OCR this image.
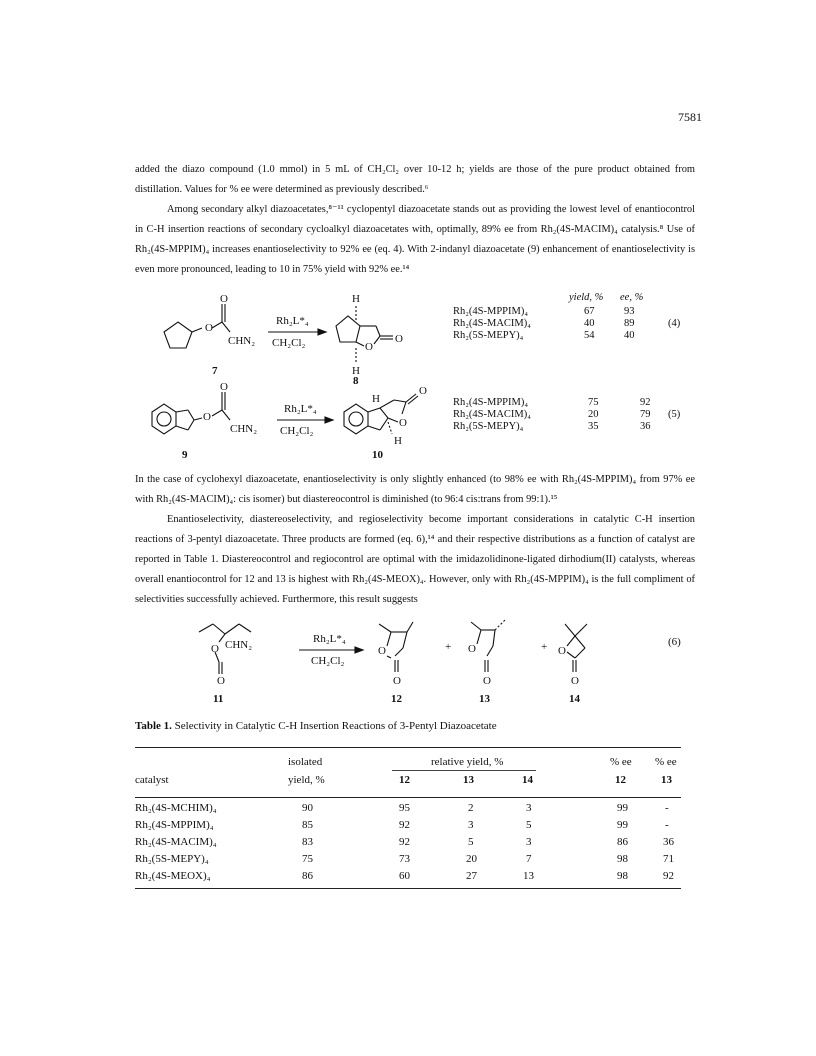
7581

added the diazo compound (1.0 mmol) in 5 mL of CH₂Cl₂ over 10-12 h; yields are those of the pure product obtained from distillation. Values for % ee were determined as previously described.⁶

Among secondary alkyl diazoacetates,⁸⁻¹¹ cyclopentyl diazoacetate stands out as providing the lowest level of enantiocontrol in C-H insertion reactions of secondary cycloalkyl diazoacetates with, optimally, 89% ee from Rh₂(4S-MACIM)₄ catalysis.⁸ Use of Rh₂(4S-MPPIM)₄ increases enantioselectivity to 92% ee (eq. 4). With 2-indanyl diazoacetate (9) enhancement of enantioselectivity is even more pronounced, leading to 10 in 75% yield with 92% ee.¹⁴

O
O
CHN₂
Rh₂L*₄
CH₂Cl₂
H
O
O
H
7
8
yield, % ee, %
Rh₂(4S-MPPIM)₄	67	93
Rh₂(4S-MACIM)₄	40	89
Rh₂(5S-MEPY)₄	54	40
(4)
O
O
CHN₂
Rh₂L*₄
CH₂Cl₂
H
O
O
H
9	10
Rh₂(4S-MPPIM)₄	75	92
Rh₂(4S-MACIM)₄	20	79
Rh₂(5S-MEPY)₄	35	36
(5)

In the case of cyclohexyl diazoacetate, enantioselectivity is only slightly enhanced (to 98% ee with Rh₂(4S-MPPIM)₄ from 97% ee with Rh₂(4S-MACIM)₄: cis isomer) but diastereocontrol is diminished (to 96:4 cis:trans from 99:1).¹⁵

Enantioselectivity, diastereoselectivity, and regioselectivity become important considerations in catalytic C-H insertion reactions of 3-pentyl diazoacetate. Three products are formed (eq. 6),¹⁴ and their respective distributions as a function of catalyst are reported in Table 1. Diastereocontrol and regiocontrol are optimal with the imidazolidinone-ligated dirhodium(II) catalysts, whereas overall enantiocontrol for 12 and 13 is highest with Rh₂(4S-MEOX)₄. However, only with Rh₂(4S-MPPIM)₄ is the full compliment of selectivities successfully achieved. Furthermore, this result suggests

O CHN₂
O
Rh₂L*₄
CH₂Cl₂
O
O
+ O
O
+ O
O
11	12	13	14
(6)
Table 1. Selectivity in Catalytic C-H Insertion Reactions of 3-Pentyl Diazoacetate
isolated	relative yield, %	% ee % ee
catalyst	yield, %	12	13	14	12	13
Rh₂(4S-MCHIM)₄	90	95	2	3	99	-
Rh₂(4S-MPPIM)₄	85	92	3	5	99	-
Rh₂(4S-MACIM)₄	83	92	5	3	86	36
Rh₂(5S-MEPY)₄	75	73	20	7	98	71
Rh₂(4S-MEOX)₄	86	60	27	13	98	92
